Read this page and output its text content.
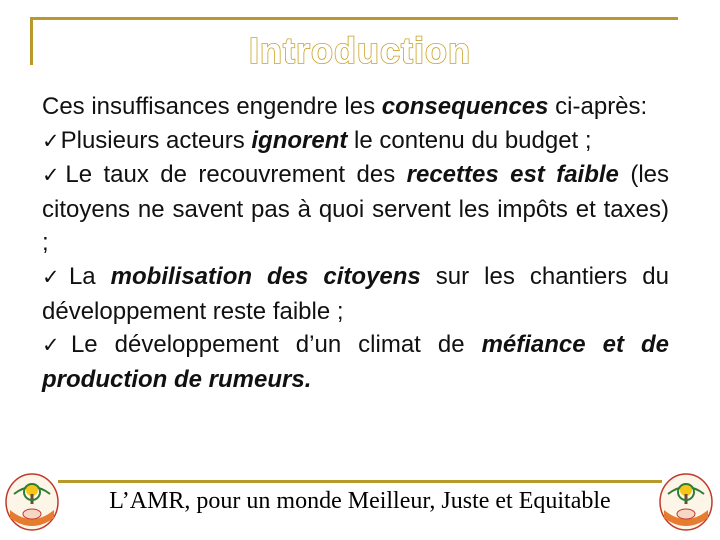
Introduction

Ces insuffisances engendre les consequences ci-après:

✓Plusieurs acteurs ignorent le contenu du budget ;

✓Le taux de recouvrement des recettes est faible (les citoyens ne savent pas à quoi servent les impôts et taxes) ;

✓La mobilisation des citoyens sur les chantiers du développement reste faible ;

✓Le développement d’un climat de méfiance et de production de rumeurs.

L’AMR, pour un monde Meilleur, Juste et Equitable
